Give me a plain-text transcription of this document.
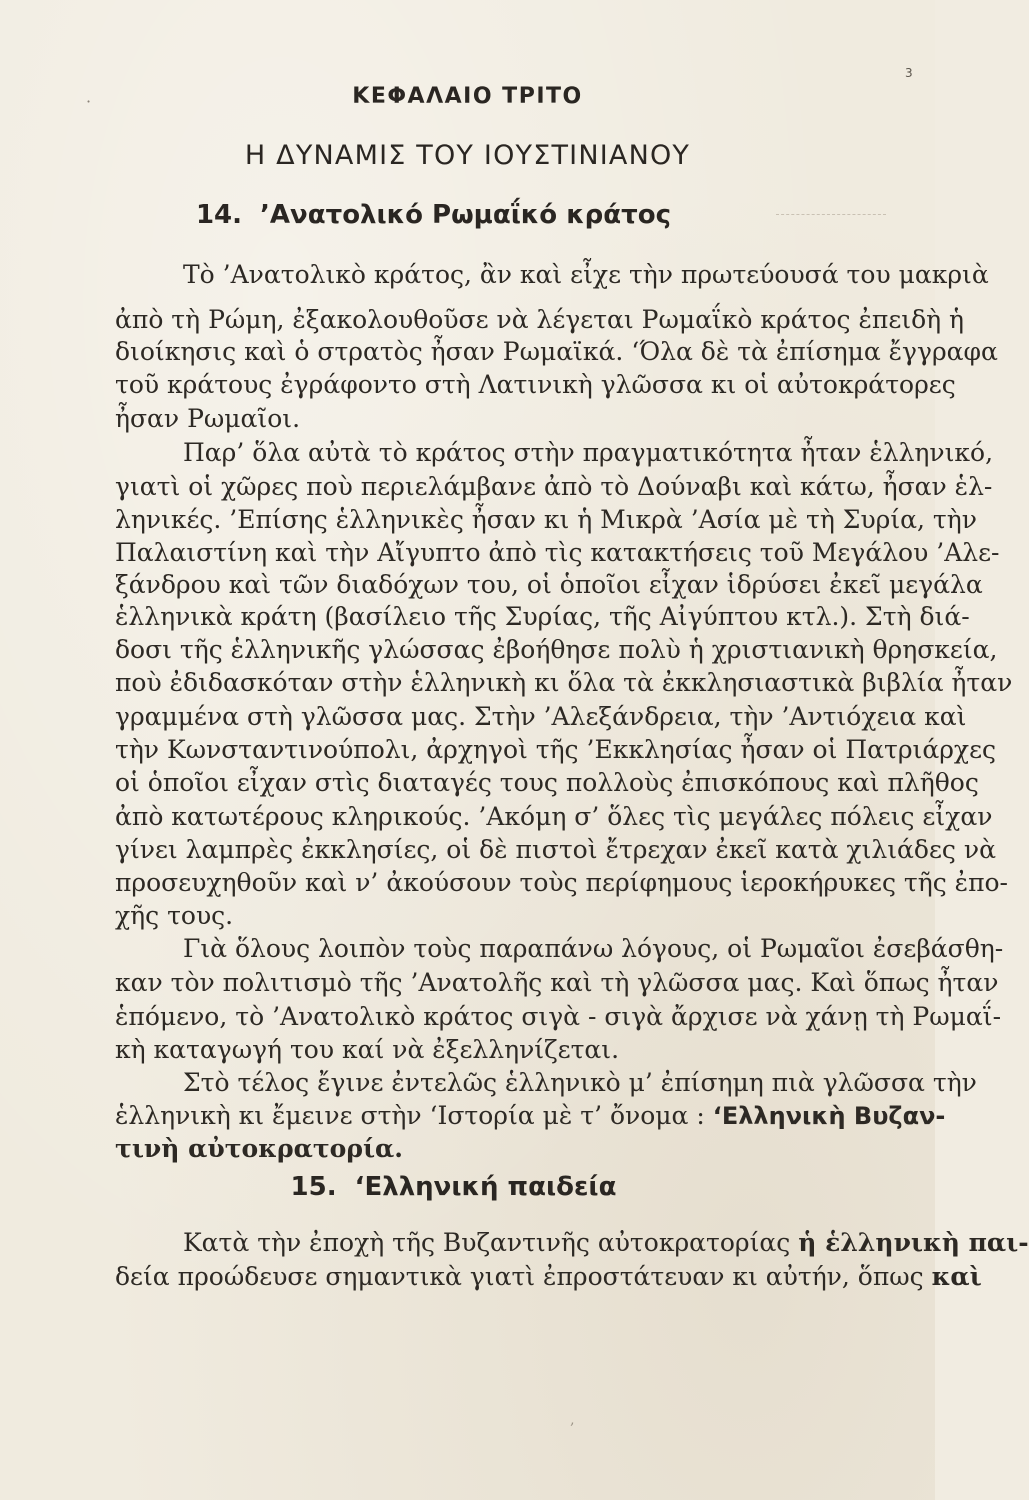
3
·	ΚΕΦΑΛΑΙΟ ΤΡΙΤΟ
Η ΔΥΝΑΜΙΣ ΤΟΥ ΙΟΥΣΤΙΝΙΑΝΟΥ
14. ’Ανατολικό Ρωμαΐκό κράτος
Τὸ ’Ανατολικὸ κράτος, ἂν καὶ εἶχε τὴν πρωτεύουσά του μακριὰ
ἀπὸ τὴ Ρώμη, ἐξακολουθοῦσε νὰ λέγεται Ρωμαΐκὸ κράτος ἐπειδὴ ἡ
διοίκησις καὶ ὁ στρατὸς ἦσαν Ρωμαϊκά. ‘Όλα δὲ τὰ ἐπίσημα ἔγγραφα
τοῦ κράτους ἐγράφοντο στὴ Λατινικὴ γλῶσσα κι οἱ αὐτοκράτορες
ἦσαν Ρωμαῖοι.
Παρ’ ὅλα αὐτὰ τὸ κράτος στὴν πραγματικότητα ἦταν ἑλληνικό,
γιατὶ οἱ χῶρες ποὺ περιελάμβανε ἀπὸ τὸ Δούναβι καὶ κάτω, ἦσαν ἑλ-
ληνικές. ’Επίσης ἑλληνικὲς ἦσαν κι ἡ Μικρὰ ’Ασία μὲ τὴ Συρία, τὴν
Παλαιστίνη καὶ τὴν Αἴγυπτο ἀπὸ τὶς κατακτήσεις τοῦ Μεγάλου ’Αλε-
ξάνδρου καὶ τῶν διαδόχων του, οἱ ὁποῖοι εἶχαν ἱδρύσει ἐκεῖ μεγάλα
ἑλληνικὰ κράτη (βασίλειο τῆς Συρίας, τῆς Αἰγύπτου κτλ.). Στὴ διά-
δοσι τῆς ἑλληνικῆς γλώσσας ἐβοήθησε πολὺ ἡ χριστιανικὴ θρησκεία,
ποὺ ἐδιδασκόταν στὴν ἑλληνικὴ κι ὅλα τὰ ἐκκλησιαστικὰ βιβλία ἦταν
γραμμένα στὴ γλῶσσα μας. Στὴν ’Αλεξάνδρεια, τὴν ’Αντιόχεια καὶ
τὴν Κωνσταντινούπολι, ἀρχηγοὶ τῆς ’Εκκλησίας ἦσαν οἱ Πατριάρχες
οἱ ὁποῖοι εἶχαν στὶς διαταγές τους πολλοὺς ἐπισκόπους καὶ πλῆθος
ἀπὸ κατωτέρους κληρικούς. ’Ακόμη σ’ ὅλες τὶς μεγάλες πόλεις εἶχαν
γίνει λαμπρὲς ἐκκλησίες, οἱ δὲ πιστοὶ ἔτρεχαν ἐκεῖ κατὰ χιλιάδες νὰ
προσευχηθοῦν καὶ ν’ ἀκούσουν τοὺς περίφημους ἱεροκήρυκες τῆς ἐπο-
χῆς τους.
Γιὰ ὅλους λοιπὸν τοὺς παραπάνω λόγους, οἱ Ρωμαῖοι ἐσεβάσθη-
καν τὸν πολιτισμὸ τῆς ’Ανατολῆς καὶ τὴ γλῶσσα μας. Καὶ ὅπως ἦταν
ἑπόμενο, τὸ ’Ανατολικὸ κράτος σιγὰ - σιγὰ ἄρχισε νὰ χάνῃ τὴ Ρωμαΐ-
κὴ καταγωγή του καί νὰ ἐξελληνίζεται.
Στὸ τέλος ἔγινε ἐντελῶς ἑλληνικὸ μ’ ἐπίσημη πιὰ γλῶσσα τὴν
ἑλληνικὴ κι ἔμεινε στὴν ‘Ιστορία μὲ τ’ ὄνομα : ‘Ελληνικὴ Βυζαν-
τινὴ αὐτοκρατορία.
15. ‘Ελληνική παιδεία
Κατὰ τὴν ἐποχὴ τῆς Βυζαντινῆς αὐτοκρατορίας ἡ ἑλληνικὴ παι-
δεία προώδευσε σημαντικὰ γιατὶ ἐπροστάτευαν κι αὐτήν, ὅπως καὶ
‚
